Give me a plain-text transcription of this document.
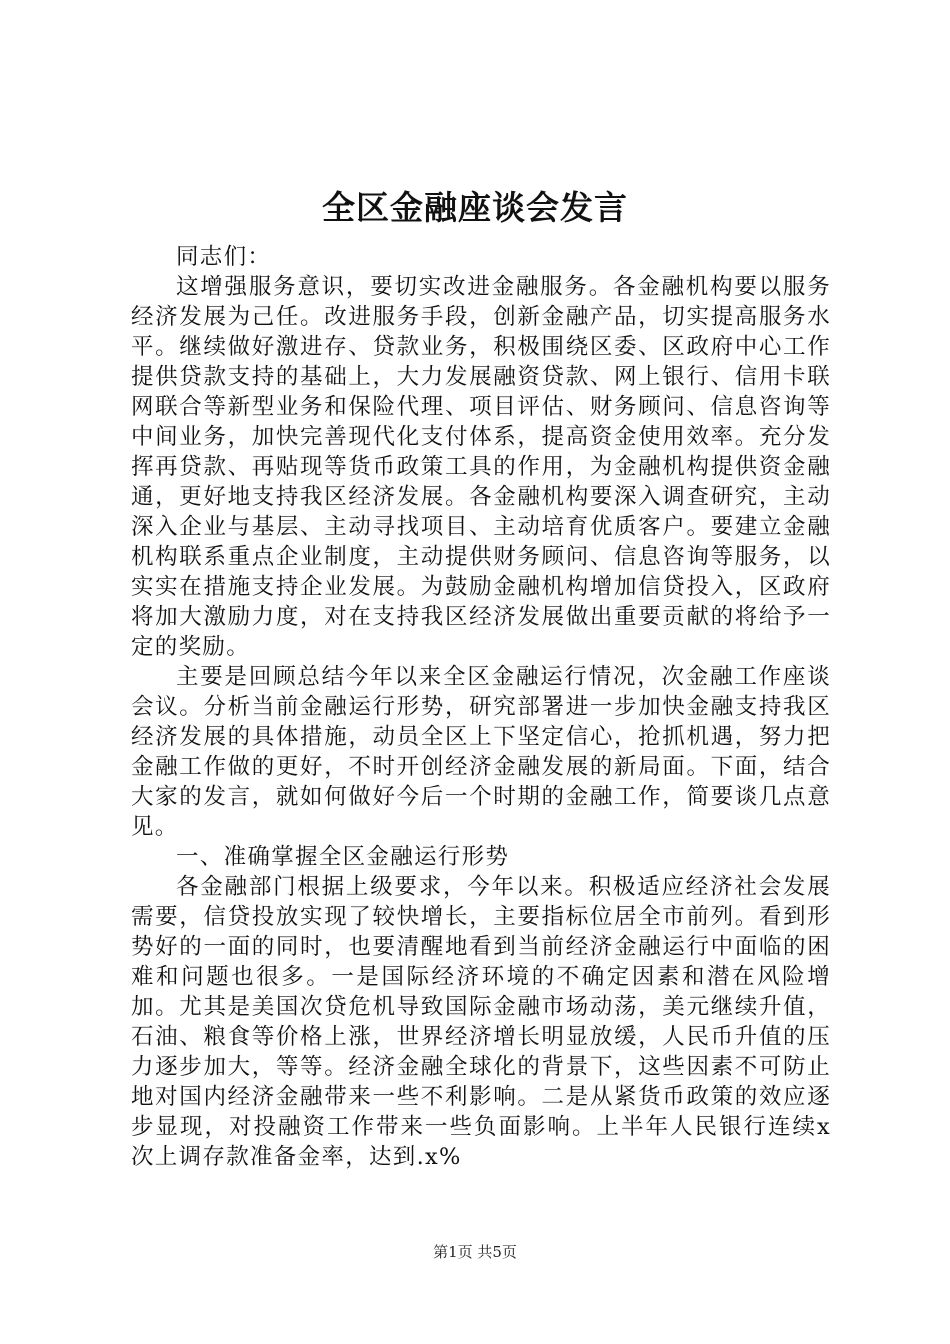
全区金融座谈会发言

同志们：

这增强服务意识，要切实改进金融服务。各金融机构要以服务经济发展为己任。改进服务手段，创新金融产品，切实提高服务水平。继续做好激进存、贷款业务，积极围绕区委、区政府中心工作提供贷款支持的基础上，大力发展融资贷款、网上银行、信用卡联网联合等新型业务和保险代理、项目评估、财务顾问、信息咨询等中间业务，加快完善现代化支付体系，提高资金使用效率。充分发挥再贷款、再贴现等货币政策工具的作用，为金融机构提供资金融通，更好地支持我区经济发展。各金融机构要深入调查研究，主动深入企业与基层、主动寻找项目、主动培育优质客户。要建立金融机构联系重点企业制度，主动提供财务顾问、信息咨询等服务，以实实在措施支持企业发展。为鼓励金融机构增加信贷投入，区政府将加大激励力度，对在支持我区经济发展做出重要贡献的将给予一定的奖励。

主要是回顾总结今年以来全区金融运行情况，次金融工作座谈会议。分析当前金融运行形势，研究部署进一步加快金融支持我区经济发展的具体措施，动员全区上下坚定信心，抢抓机遇，努力把金融工作做的更好，不时开创经济金融发展的新局面。下面，结合大家的发言，就如何做好今后一个时期的金融工作，简要谈几点意见。

一、准确掌握全区金融运行形势

各金融部门根据上级要求，今年以来。积极适应经济社会发展需要，信贷投放实现了较快增长，主要指标位居全市前列。看到形势好的一面的同时，也要清醒地看到当前经济金融运行中面临的困难和问题也很多。一是国际经济环境的不确定因素和潜在风险增加。尤其是美国次贷危机导致国际金融市场动荡，美元继续升值，石油、粮食等价格上涨，世界经济增长明显放缓，人民币升值的压力逐步加大，等等。经济金融全球化的背景下，这些因素不可防止地对国内经济金融带来一些不利影响。二是从紧货币政策的效应逐步显现，对投融资工作带来一些负面影响。上半年人民银行连续x次上调存款准备金率，达到.x%

第1页 共5页
